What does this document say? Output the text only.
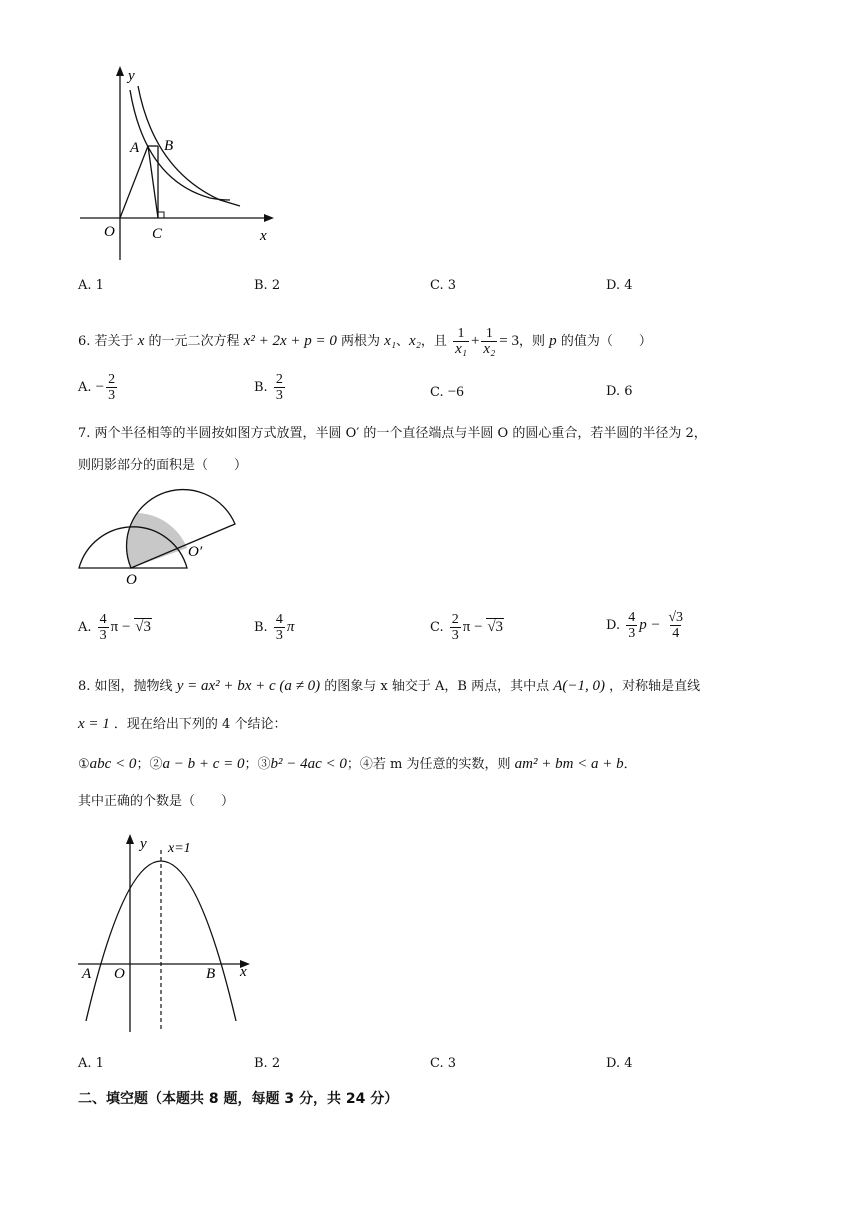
y
x
O
A B
C
A. 1	B. 2	C. 3	D. 4
6. 若关于 x 的一元二次方程 x² + 2x + p = 0 两根为 x₁、x₂，且 $\frac{1}{\text{x₁}} + \frac{1}{\text{x₂}} = 3$，则 p 的值为（　　）
A. − $\frac{2}{3}$	B. $\frac{2}{3}$	C. −6	D. 6
7. 两个半径相等的半圆按如图方式放置，半圆 O′ 的一个直径端点与半圆 O 的圆心重合，若半圆的半径为 2，
则阴影部分的面积是（　　）
O
O′
A. $\frac{4}{3}$ π − √3	B. $\frac{4}{3}$ π	C. $\frac{2}{3}$ π − √3	D. $\frac{4}{3}$ $p - \frac{√3}{4}$
8. 如图，抛物线 y = ax² + bx + c (a ≠ 0) 的图象与 x 轴交于 A，B 两点，其中点 A(−1, 0) ，对称轴是直线
x = 1 ．现在给出下列的 4 个结论：
①abc < 0；②a − b + c = 0；③b² − 4ac < 0；④若 m 为任意的实数，则 am² + bm < a + b．
其中正确的个数是（　　）
y x=1
x
A O	B
A. 1	B. 2	C. 3	D. 4
二、填空题（本题共 8 题，每题 3 分，共 24 分）
